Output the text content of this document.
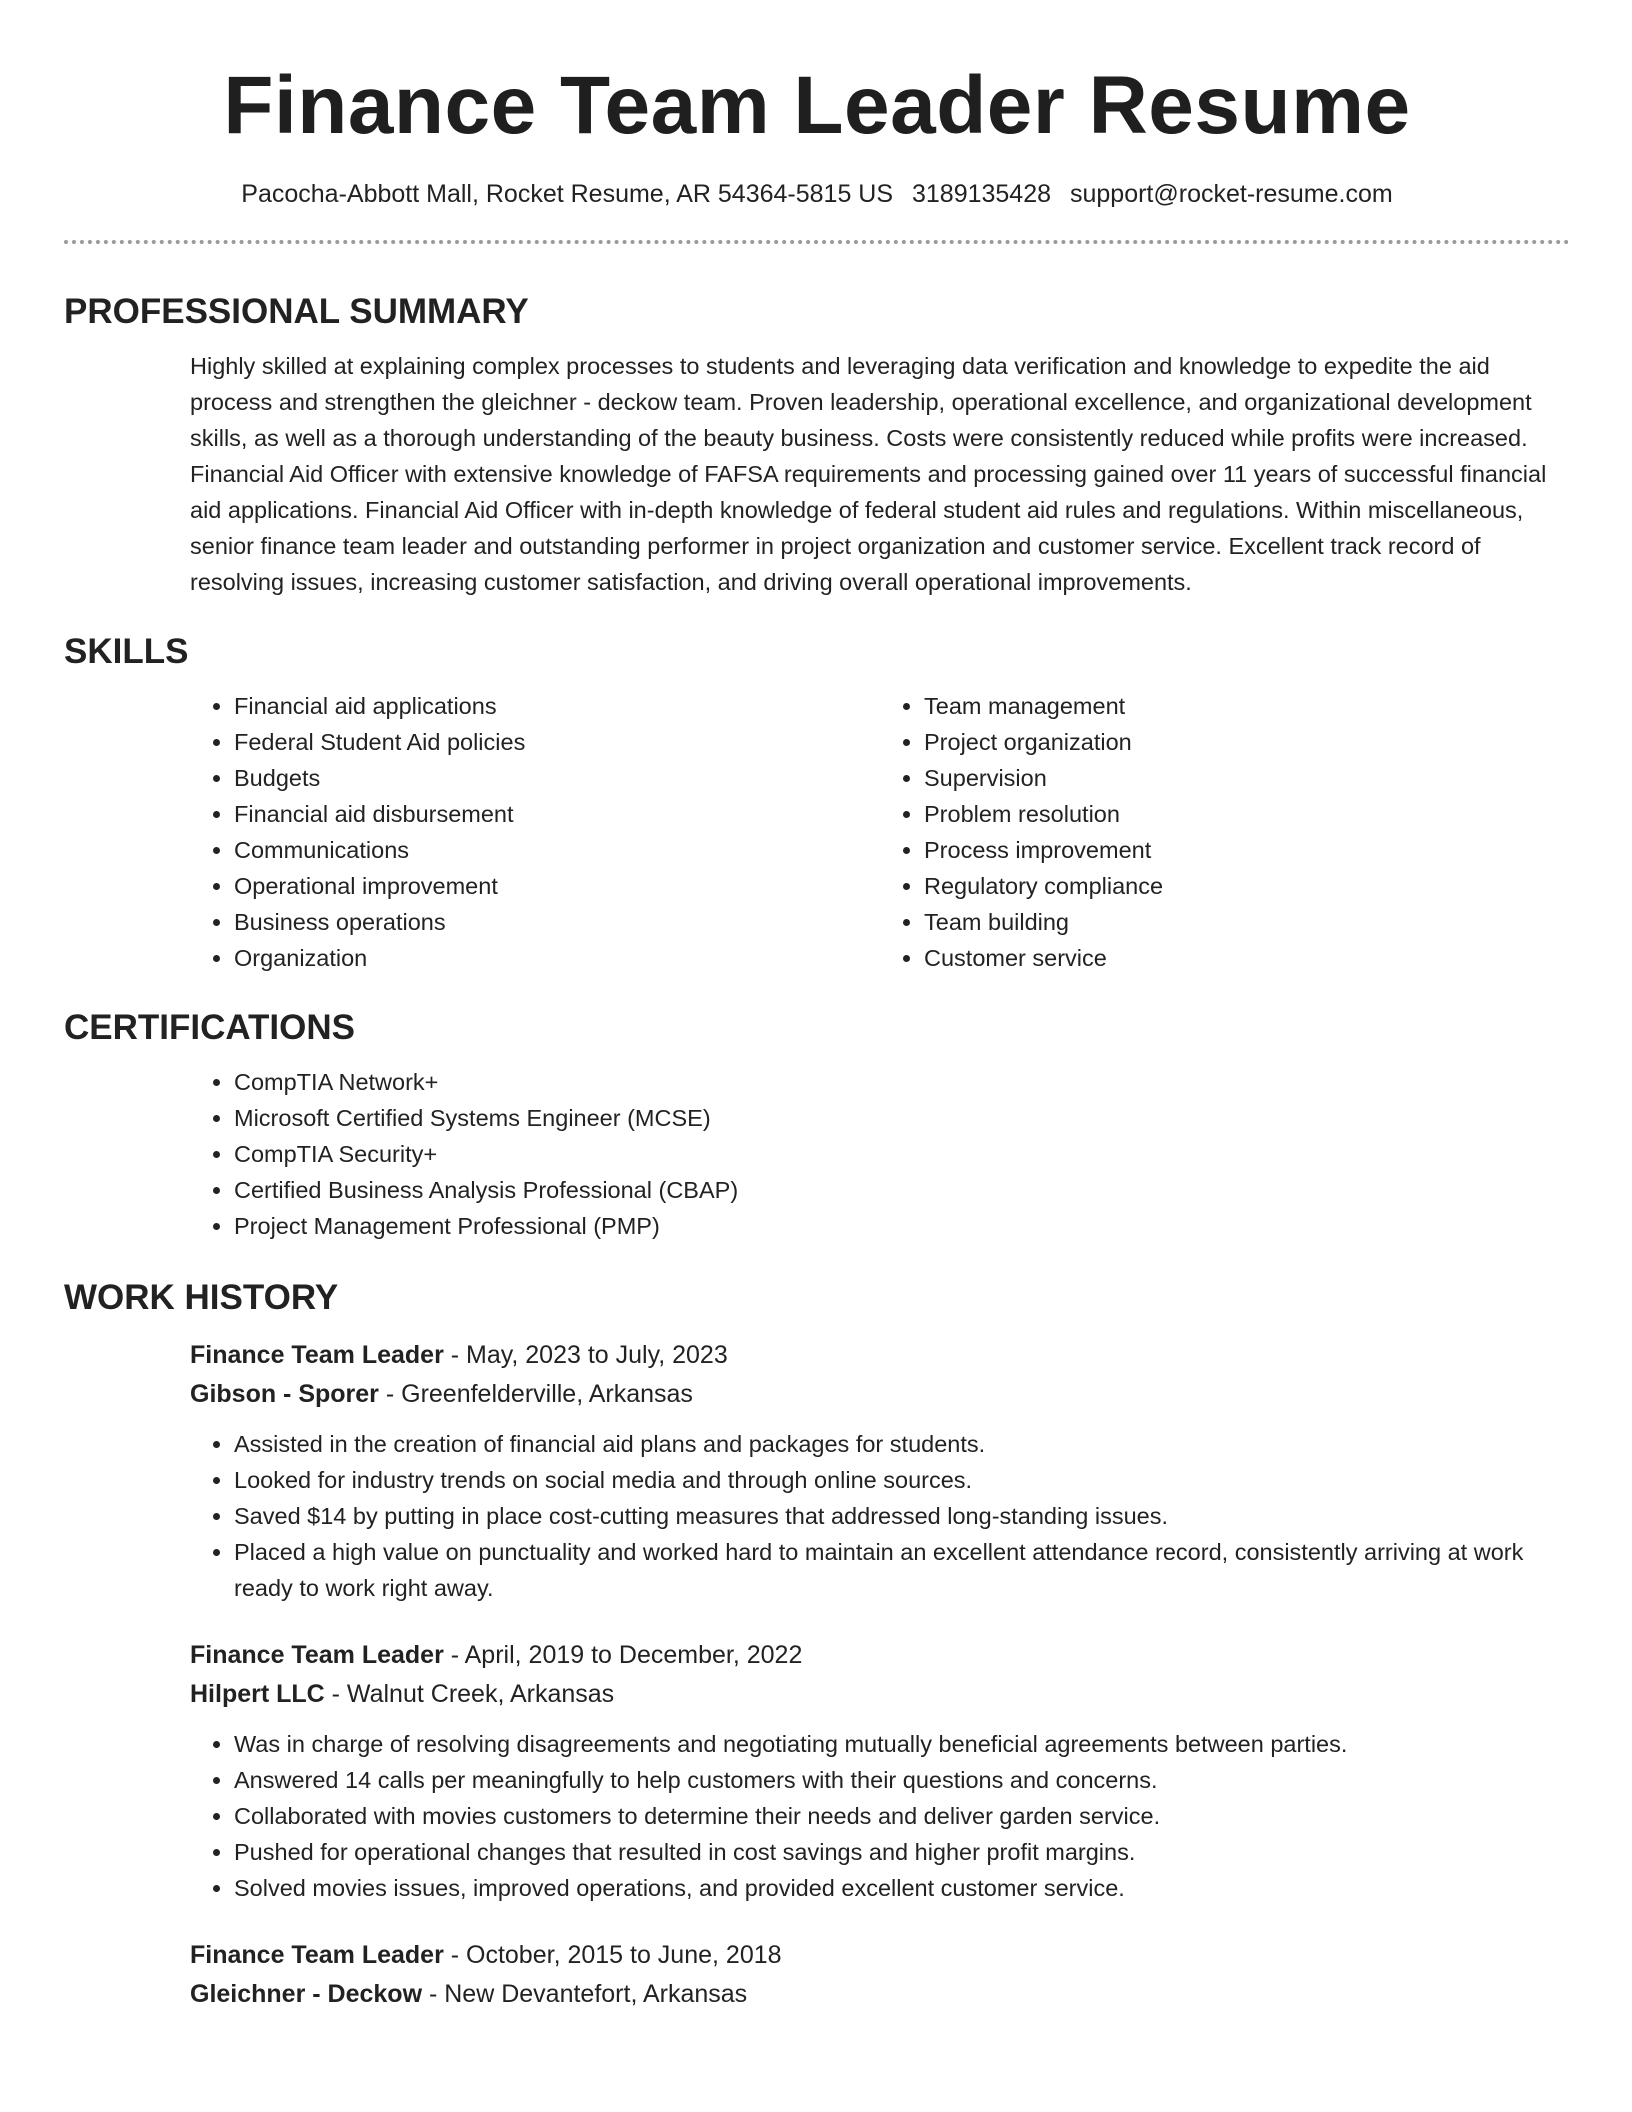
Finance Team Leader Resume
Pacocha-Abbott Mall, Rocket Resume, AR 54364-5815 US 3189135428 support@rocket-resume.com
PROFESSIONAL SUMMARY

Highly skilled at explaining complex processes to students and leveraging data verification and knowledge to expedite the aid process and strengthen the gleichner - deckow team. Proven leadership, operational excellence, and organizational development skills, as well as a thorough understanding of the beauty business. Costs were consistently reduced while profits were increased. Financial Aid Officer with extensive knowledge of FAFSA requirements and processing gained over 11 years of successful financial aid applications. Financial Aid Officer with in-depth knowledge of federal student aid rules and regulations. Within miscellaneous, senior finance team leader and outstanding performer in project organization and customer service. Excellent track record of resolving issues, increasing customer satisfaction, and driving overall operational improvements.

SKILLS
• Financial aid applications
• Federal Student Aid policies
• Budgets
• Financial aid disbursement
• Communications
• Operational improvement
• Business operations
• Organization
• Team management
• Project organization
• Supervision
• Problem resolution
• Process improvement
• Regulatory compliance
• Team building
• Customer service
CERTIFICATIONS
• CompTIA Network+
• Microsoft Certified Systems Engineer (MCSE)
• CompTIA Security+
• Certified Business Analysis Professional (CBAP)
• Project Management Professional (PMP)
WORK HISTORY
Finance Team Leader - May, 2023 to July, 2023
Gibson - Sporer - Greenfelderville, Arkansas
• Assisted in the creation of financial aid plans and packages for students.
• Looked for industry trends on social media and through online sources.
• Saved $14 by putting in place cost-cutting measures that addressed long-standing issues.
• Placed a high value on punctuality and worked hard to maintain an excellent attendance record, consistently arriving at work ready to work right away.
Finance Team Leader - April, 2019 to December, 2022
Hilpert LLC - Walnut Creek, Arkansas
• Was in charge of resolving disagreements and negotiating mutually beneficial agreements between parties.
• Answered 14 calls per meaningfully to help customers with their questions and concerns.
• Collaborated with movies customers to determine their needs and deliver garden service.
• Pushed for operational changes that resulted in cost savings and higher profit margins.
• Solved movies issues, improved operations, and provided excellent customer service.
Finance Team Leader - October, 2015 to June, 2018
Gleichner - Deckow - New Devantefort, Arkansas
